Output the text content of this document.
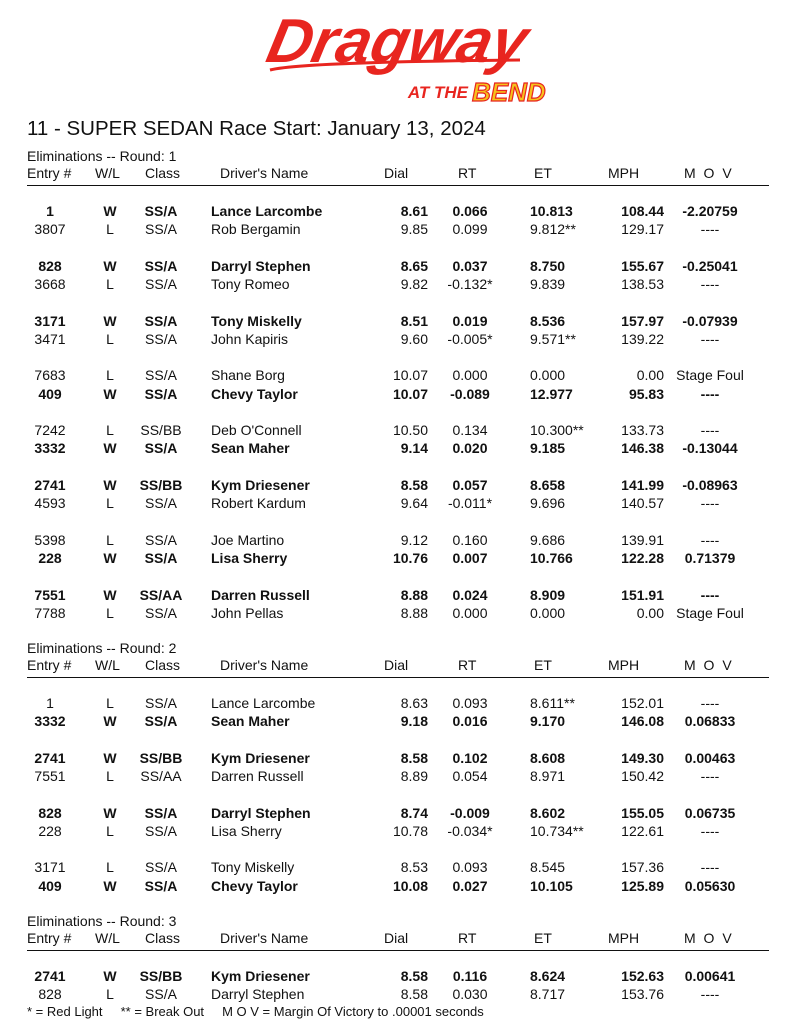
Dragway
AT THE BEND
11 - SUPER SEDAN Race Start: January 13, 2024
Eliminations -- Round: 1
Entry # W/L Class	Driver's Name	Dial	RT	ET	MPH	M O V
1	W	SS/A	Lance Larcombe	8.61	0.066	10.813	108.44	-2.20759
3807	L	SS/A	Rob Bergamin	9.85	0.099	9.812**	129.17	----
828	W	SS/A	Darryl Stephen	8.65	0.037	8.750	155.67	-0.25041
3668	L	SS/A	Tony Romeo	9.82	-0.132*	9.839	138.53	----
3171	W	SS/A	Tony Miskelly	8.51	0.019	8.536	157.97	-0.07939
3471	L	SS/A	John Kapiris	9.60	-0.005*	9.571**	139.22	----
7683	L	SS/A	Shane Borg	10.07	0.000	0.000	0.00 Stage Foul
409	W	SS/A	Chevy Taylor	10.07	-0.089	12.977	95.83	----
7242	L	SS/BB	Deb O'Connell	10.50	0.134	10.300**	133.73	----
3332	W	SS/A	Sean Maher	9.14	0.020	9.185	146.38	-0.13044
2741	W	SS/BB	Kym Driesener	8.58	0.057	8.658	141.99	-0.08963
4593	L	SS/A	Robert Kardum	9.64	-0.011*	9.696	140.57	----
5398	L	SS/A	Joe Martino	9.12	0.160	9.686	139.91	----
228	W	SS/A	Lisa Sherry	10.76	0.007	10.766	122.28	0.71379
7551	W	SS/AA	Darren Russell	8.88	0.024	8.909	151.91	----
7788	L	SS/A	John Pellas	8.88	0.000	0.000	0.00 Stage Foul
Eliminations -- Round: 2
Entry # W/L Class	Driver's Name	Dial	RT	ET	MPH	M O V
1	L	SS/A	Lance Larcombe	8.63	0.093	8.611**	152.01	----
3332	W	SS/A	Sean Maher	9.18	0.016	9.170	146.08	0.06833
2741	W	SS/BB	Kym Driesener	8.58	0.102	8.608	149.30	0.00463
7551	L	SS/AA	Darren Russell	8.89	0.054	8.971	150.42	----
828	W	SS/A	Darryl Stephen	8.74	-0.009	8.602	155.05	0.06735
228	L	SS/A	Lisa Sherry	10.78	-0.034*	10.734**	122.61	----
3171	L	SS/A	Tony Miskelly	8.53	0.093	8.545	157.36	----
409	W	SS/A	Chevy Taylor	10.08	0.027	10.105	125.89	0.05630
Eliminations -- Round: 3
Entry # W/L Class	Driver's Name	Dial	RT	ET	MPH	M O V
2741	W	SS/BB	Kym Driesener	8.58	0.116	8.624	152.63	0.00641
828	L	SS/A	Darryl Stephen	8.58	0.030	8.717	153.76	----
* = Red Light     ** = Break Out     M O V = Margin Of Victory to .00001 seconds
